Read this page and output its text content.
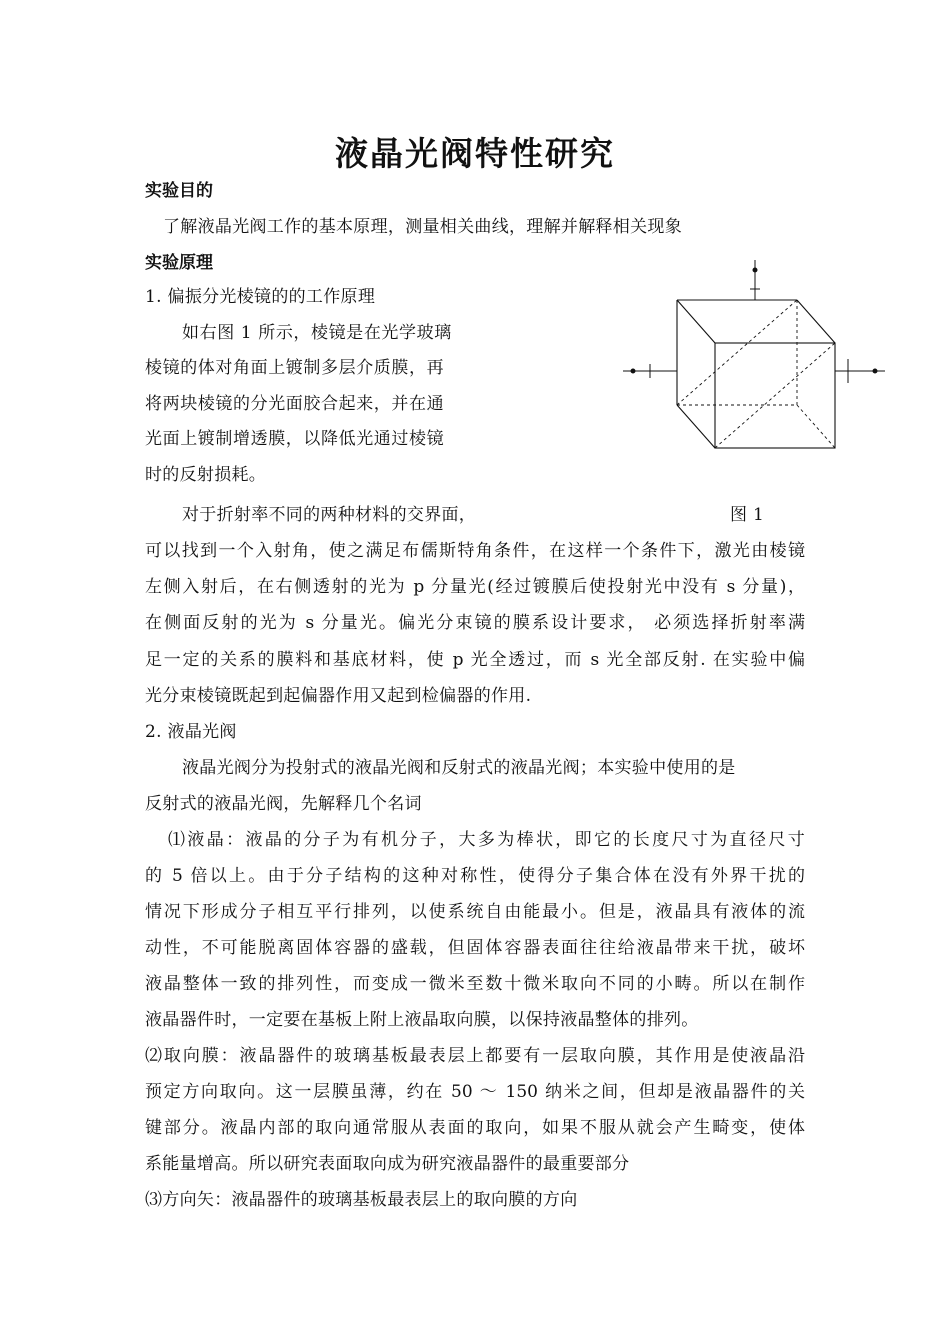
液晶光阀特性研究
实验目的
了解液晶光阀工作的基本原理，测量相关曲线，理解并解释相关现象
实验原理
1. 偏振分光棱镜的的工作原理
如右图 1 所示，棱镜是在光学玻璃
棱镜的体对角面上镀制多层介质膜，再
将两块棱镜的分光面胶合起来，并在通
光面上镀制增透膜，以降低光通过棱镜
时的反射损耗。
对于折射率不同的两种材料的交界面，	图 1
可以找到一个入射角，使之满足布儒斯特角条件，在这样一个条件下，激光由棱镜
左侧入射后，在右侧透射的光为 p 分量光(经过镀膜后使投射光中没有 s 分量)，
在侧面反射的光为 s 分量光。偏光分束镜的膜系设计要求， 必须选择折射率满
足一定的关系的膜料和基底材料，使 p 光全透过，而 s 光全部反射. 在实验中偏
光分束棱镜既起到起偏器作用又起到检偏器的作用.
2. 液晶光阀
液晶光阀分为投射式的液晶光阀和反射式的液晶光阀；本实验中使用的是
反射式的液晶光阀，先解释几个名词
⑴液晶：液晶的分子为有机分子，大多为棒状，即它的长度尺寸为直径尺寸
的 5 倍以上。由于分子结构的这种对称性，使得分子集合体在没有外界干扰的
情况下形成分子相互平行排列，以使系统自由能最小。但是，液晶具有液体的流
动性，不可能脱离固体容器的盛载，但固体容器表面往往给液晶带来干扰，破坏
液晶整体一致的排列性，而变成一微米至数十微米取向不同的小畴。所以在制作
液晶器件时，一定要在基板上附上液晶取向膜，以保持液晶整体的排列。
⑵取向膜：液晶器件的玻璃基板最表层上都要有一层取向膜，其作用是使液晶沿
预定方向取向。这一层膜虽薄，约在 50 ～ 150 纳米之间，但却是液晶器件的关
键部分。液晶内部的取向通常服从表面的取向，如果不服从就会产生畸变，使体
系能量增高。所以研究表面取向成为研究液晶器件的最重要部分
⑶方向矢：液晶器件的玻璃基板最表层上的取向膜的方向
